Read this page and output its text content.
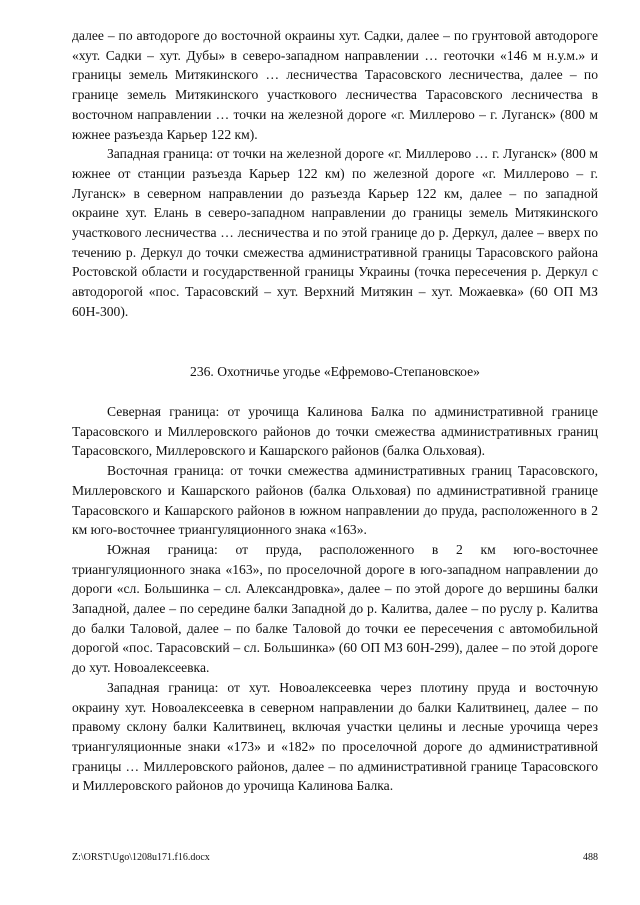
далее – по автодороге до восточной окраины хут. Садки, далее – по грунтовой автодороге «хут. Садки – хут. Дубы» в северо-западном направлении … геоточки «146 м н.у.м.» и границы земель Митякинского … лесничества Тарасовского лесничества, далее – по границе земель Митякинского участкового лесничества Тарасовского лесничества в восточном направлении … точки на железной дороге «г. Миллерово – г. Луганск» (800 м южнее разъезда Карьер 122 км).

Западная граница: от точки на железной дороге «г. Миллерово … г. Луганск» (800 м южнее от станции разъезда Карьер 122 км) по железной дороге «г. Миллерово – г. Луганск» в северном направлении до разъезда Карьер 122 км, далее – по западной окраине хут. Елань в северо-западном направлении до границы земель Митякинского участкового лесничества … лесничества и по этой границе до р. Деркул, далее – вверх по течению р. Деркул до точки смежества административной границы Тарасовского района Ростовской области и государственной границы Украины (точка пересечения р. Деркул с автодорогой «пос. Тарасовский – хут. Верхний Митякин – хут. Можаевка» (60 ОП МЗ 60Н-300).

236. Охотничье угодье «Ефремово-Степановское»

Северная граница: от урочища Калинова Балка по административной границе Тарасовского и Миллеровского районов до точки смежества административных границ Тарасовского, Миллеровского и Кашарского районов (балка Ольховая).

Восточная граница: от точки смежества административных границ Тарасовского, Миллеровского и Кашарского районов (балка Ольховая) по административной границе Тарасовского и Кашарского районов в южном направлении до пруда, расположенного в 2 км юго-восточнее триангуляционного знака «163».

Южная граница: от пруда, расположенного в 2 км юго-восточнее триангуляционного знака «163», по проселочной дороге в юго-западном направлении до дороги «сл. Большинка – сл. Александровка», далее – по этой дороге до вершины балки Западной, далее – по середине балки Западной до р. Калитва, далее – по руслу р. Калитва до балки Таловой, далее – по балке Таловой до точки ее пересечения с автомобильной дорогой «пос. Тарасовский – сл. Большинка» (60 ОП МЗ 60Н-299), далее – по этой дороге до хут. Новоалексеевка.

Западная граница: от хут. Новоалексеевка через плотину пруда и восточную окраину хут. Новоалексеевка в северном направлении до балки Калитвинец, далее – по правому склону балки Калитвинец, включая участки целины и лесные урочища через триангуляционные знаки «173» и «182» по проселочной дороге до административной границы … Миллеровского районов, далее – по административной границе Тарасовского и Миллеровского районов до урочища Калинова Балка.

Z:\ORST\Ugo\1208u171.f16.docx	488
